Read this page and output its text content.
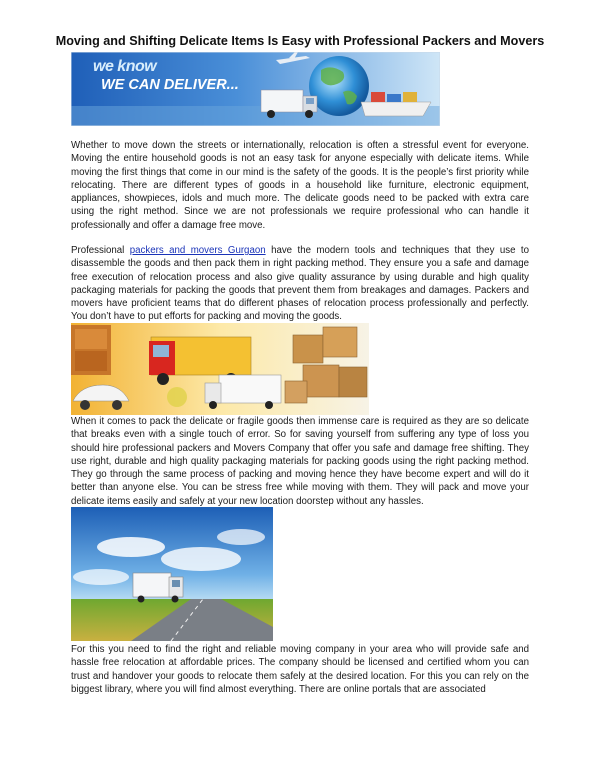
Moving and Shifting Delicate Items Is Easy with Professional Packers and Movers
we know
WE CAN DELIVER...

Whether to move down the streets or internationally, relocation is often a stressful event for everyone. Moving the entire household goods is not an easy task for anyone especially with delicate items. While moving the first things that come in our mind is the safety of the goods. It is the people’s first priority while relocating. There are different types of goods in a household like furniture, electronic equipment, appliances, showpieces, idols and much more. The delicate goods need to be packed with extra care using the right method. Since we are not professionals we require professional who can handle it professionally and offer a damage free move.

Professional packers and movers Gurgaon have the modern tools and techniques that they use to disassemble the goods and then pack them in right packing method. They ensure you a safe and damage free execution of relocation process and also give quality assurance by using durable and high quality packaging materials for packing the goods that prevent them from breakages and damages. Packers and movers have proficient teams that do different phases of relocation process professionally and perfectly. You don’t have to put efforts for packing and moving the goods.

When it comes to pack the delicate or fragile goods then immense care is required as they are so delicate that breaks even with a single touch of error. So for saving yourself from suffering any type of loss you should hire professional packers and Movers Company that offer you safe and damage free shifting. They use right, durable and high quality packaging materials for packing goods using the right packing method. They go through the same process of packing and moving hence they have become expert and will do it better than anyone else. You can be stress free while moving with them. They will pack and move your delicate items easily and safely at your new location doorstep without any hassles.

For this you need to find the right and reliable moving company in your area who will provide safe and hassle free relocation at affordable prices. The company should be licensed and certified whom you can trust and handover your goods to relocate them safely at the desired location. For this you can rely on the biggest library, where you will find almost everything. There are online portals that are associated
